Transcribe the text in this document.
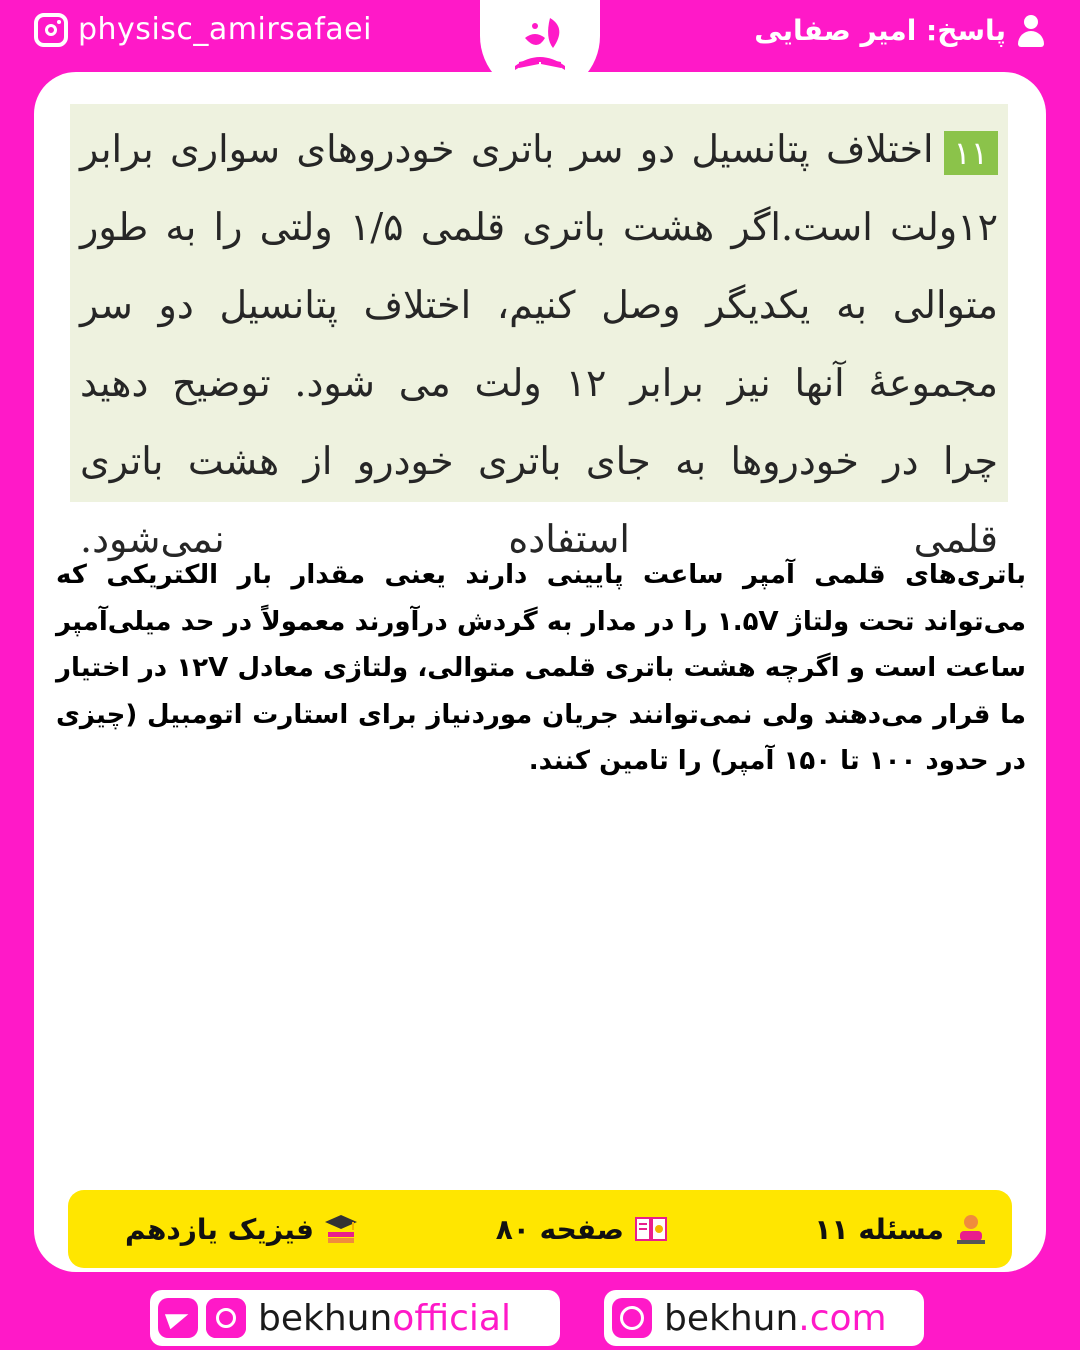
physisc_amirsafaei	پاسخ: امیر صفایی
۱۱اختلاف پتانسیل دو سر باتری خودروهای سواری برابر ۱۲ولت است.اگر هشت باتری قلمی ۱/۵ ولتی را به طور متوالی به یکدیگر وصل کنیم، اختلاف پتانسیل دو سر مجموعهٔ آنها نیز برابر ۱۲ ولت می شود. توضیح دهید چرا در خودروها به جای باتری خودرو از هشت باتری قلمی استفاده نمی‌شود.
باتری‌های قلمی آمپر ساعت پایینی دارند یعنی مقدار بار الکتریکی که می‌تواند تحت ولتاژ ۱.۵V را در مدار به گردش درآورند معمولاً در حد میلی‌آمپر ساعت است و اگرچه هشت باتری قلمی متوالی، ولتاژی معادل ۱۲V در اختیار ما قرار می‌دهند ولی نمی‌توانند جریان موردنیاز برای استارت اتومبیل (چیزی در حدود ۱۰۰ تا ۱۵۰ آمپر) را تامین کنند.
مسئله ۱۱
صفحه ۸۰
فیزیک یازدهم
bekhunofficial	bekhun.com
